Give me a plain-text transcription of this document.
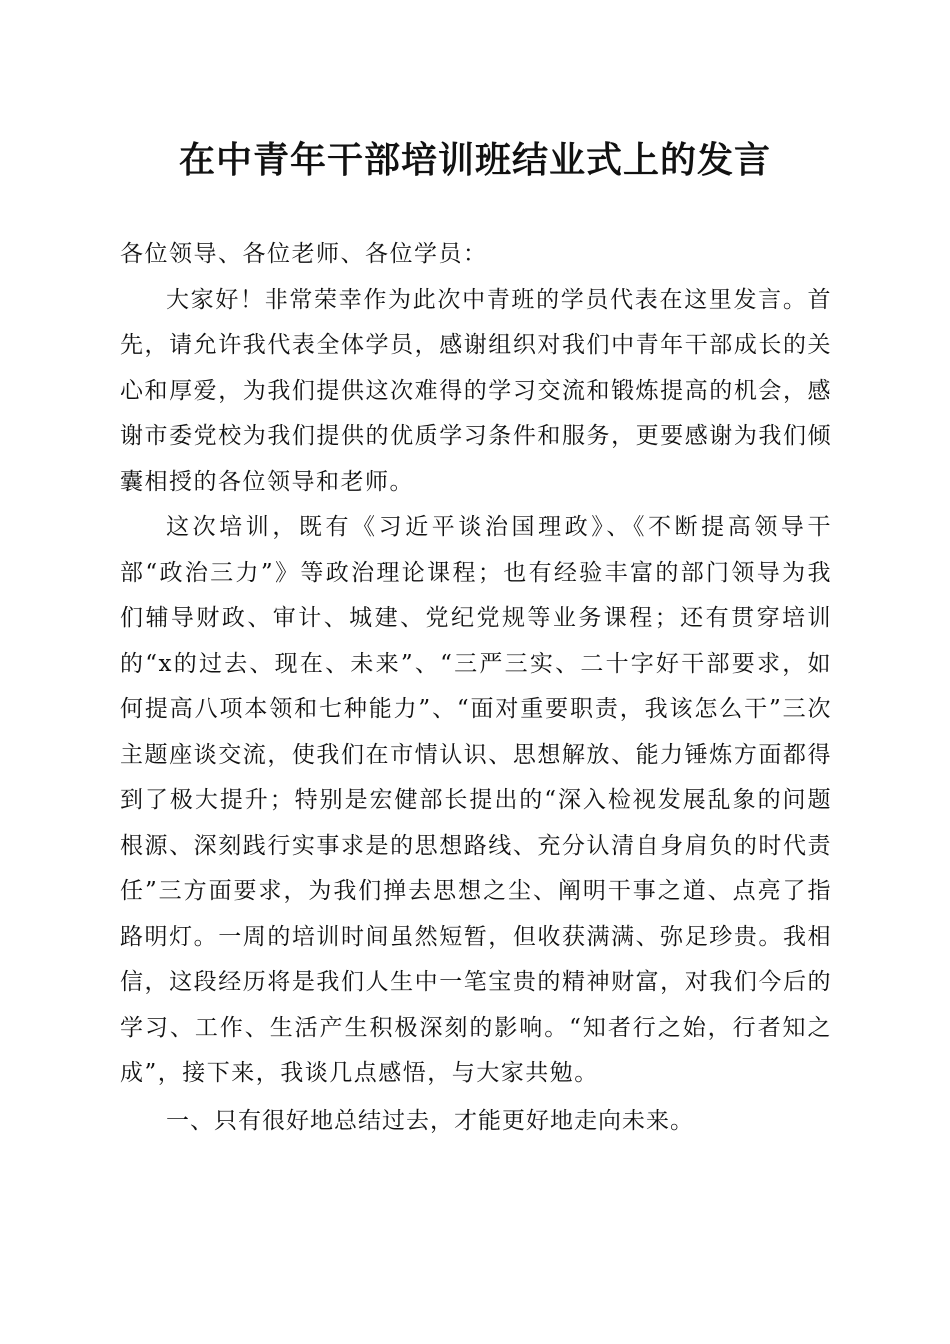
在中青年干部培训班结业式上的发言

各位领导、各位老师、各位学员：

大家好！非常荣幸作为此次中青班的学员代表在这里发言。首先，请允许我代表全体学员，感谢组织对我们中青年干部成长的关心和厚爱，为我们提供这次难得的学习交流和锻炼提高的机会，感谢市委党校为我们提供的优质学习条件和服务，更要感谢为我们倾囊相授的各位领导和老师。

这次培训，既有《习近平谈治国理政》、《不断提高领导干部“政治三力”》等政治理论课程；也有经验丰富的部门领导为我们辅导财政、审计、城建、党纪党规等业务课程；还有贯穿培训的“x的过去、现在、未来”、“三严三实、二十字好干部要求，如何提高八项本领和七种能力”、“面对重要职责，我该怎么干”三次主题座谈交流，使我们在市情认识、思想解放、能力锤炼方面都得到了极大提升；特别是宏健部长提出的“深入检视发展乱象的问题根源、深刻践行实事求是的思想路线、充分认清自身肩负的时代责任”三方面要求，为我们掸去思想之尘、阐明干事之道、点亮了指路明灯。一周的培训时间虽然短暂，但收获满满、弥足珍贵。我相信，这段经历将是我们人生中一笔宝贵的精神财富，对我们今后的学习、工作、生活产生积极深刻的影响。“知者行之始，行者知之成”，接下来，我谈几点感悟，与大家共勉。

一、只有很好地总结过去，才能更好地走向未来。
